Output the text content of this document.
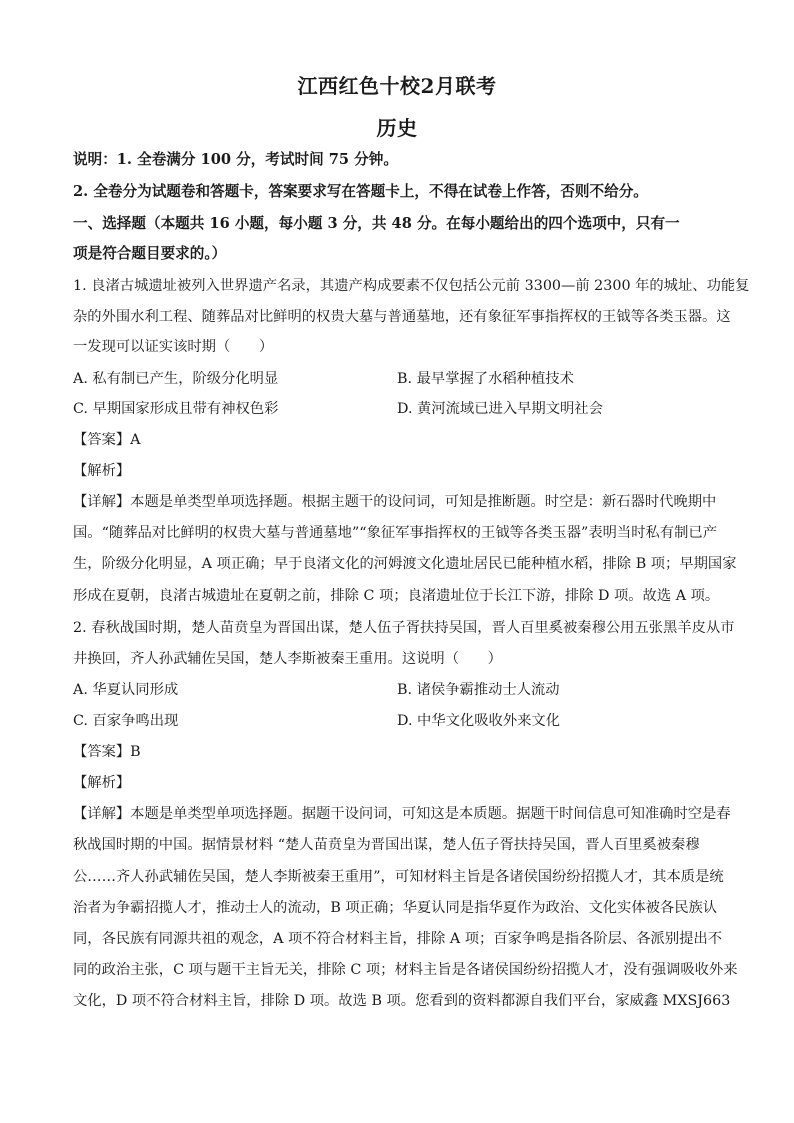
江西红色十校2月联考
历史
说明：1. 全卷满分 100 分，考试时间 75 分钟。
2. 全卷分为试题卷和答题卡，答案要求写在答题卡上，不得在试卷上作答，否则不给分。
一、选择题（本题共 16 小题，每小题 3 分，共 48 分。在每小题给出的四个选项中，只有一
项是符合题目要求的。）
1. 良渚古城遗址被列入世界遗产名录，其遗产构成要素不仅包括公元前 3300—前 2300 年的城址、功能复
杂的外围水利工程、随葬品对比鲜明的权贵大墓与普通墓地，还有象征军事指挥权的王钺等各类玉器。这
一发现可以证实该时期（　　）
A. 私有制已产生，阶级分化明显	B. 最早掌握了水稻种植技术
C. 早期国家形成且带有神权色彩	D. 黄河流域已进入早期文明社会
【答案】A
【解析】
【详解】本题是单类型单项选择题。根据主题干的设问词，可知是推断题。时空是：新石器时代晚期中
国。“随葬品对比鲜明的权贵大墓与普通墓地”“象征军事指挥权的王钺等各类玉器”表明当时私有制已产
生，阶级分化明显，A 项正确；早于良渚文化的河姆渡文化遗址居民已能种植水稻，排除 B 项；早期国家
形成在夏朝，良渚古城遗址在夏朝之前，排除 C 项；良渚遗址位于长江下游，排除 D 项。故选 A 项。
2. 春秋战国时期，楚人苗贲皇为晋国出谋，楚人伍子胥扶持吴国，晋人百里奚被秦穆公用五张黑羊皮从市
井换回，齐人孙武辅佐吴国，楚人李斯被秦王重用。这说明（　　）
A. 华夏认同形成	B. 诸侯争霸推动士人流动
C. 百家争鸣出现	D. 中华文化吸收外来文化
【答案】B
【解析】
【详解】本题是单类型单项选择题。据题干设问词，可知这是本质题。据题干时间信息可知准确时空是春
秋战国时期的中国。据情景材料 “楚人苗贲皇为晋国出谋，楚人伍子胥扶持吴国，晋人百里奚被秦穆
公……齐人孙武辅佐吴国，楚人李斯被秦王重用”，可知材料主旨是各诸侯国纷纷招揽人才，其本质是统
治者为争霸招揽人才，推动士人的流动，B 项正确；华夏认同是指华夏作为政治、文化实体被各民族认
同，各民族有同源共祖的观念，A 项不符合材料主旨，排除 A 项；百家争鸣是指各阶层、各派别提出不
同的政治主张，C 项与题干主旨无关，排除 C 项；材料主旨是各诸侯国纷纷招揽人才，没有强调吸收外来
文化，D 项不符合材料主旨，排除 D 项。故选 B 项。您看到的资料都源自我们平台，家威鑫 MXSJ663
